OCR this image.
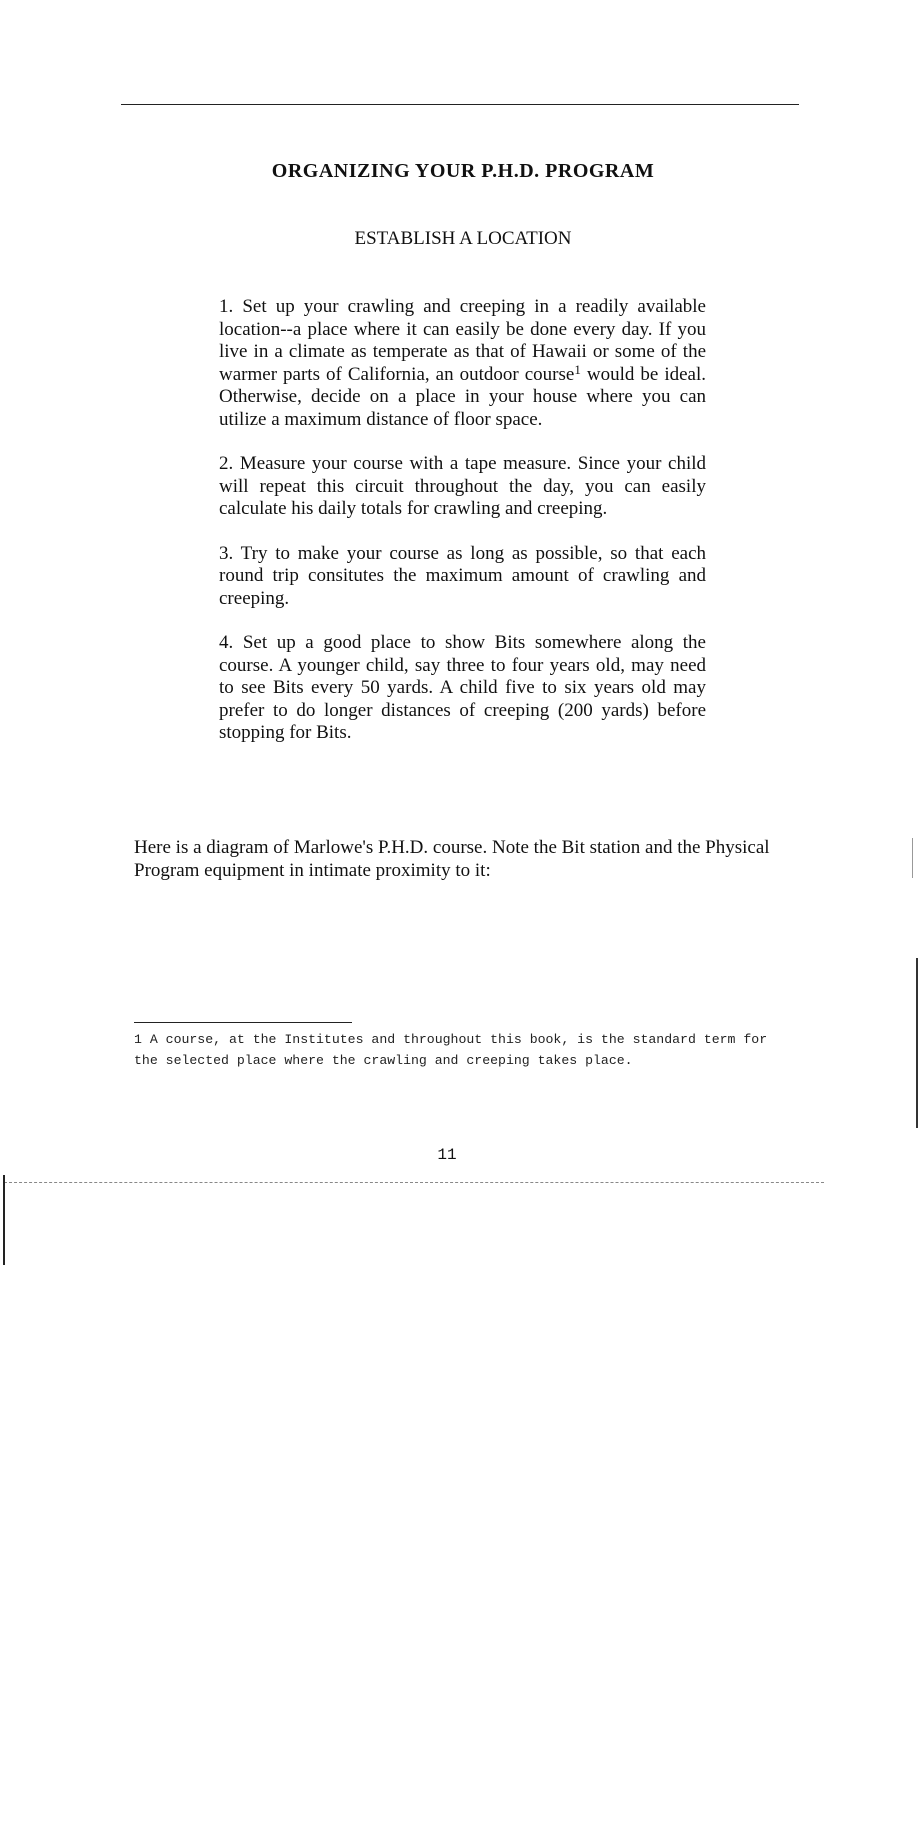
ORGANIZING YOUR P.H.D. PROGRAM
ESTABLISH A LOCATION

1. Set up your crawling and creeping in a readily available location--a place where it can easily be done every day. If you live in a climate as temperate as that of Hawaii or some of the warmer parts of California, an outdoor course$^1$ would be ideal. Otherwise, decide on a place in your house where you can utilize a maximum distance of floor space.

2. Measure your course with a tape measure. Since your child will repeat this circuit throughout the day, you can easily calculate his daily totals for crawling and creeping.

3. Try to make your course as long as possible, so that each round trip consitutes the maximum amount of crawling and creeping.

4. Set up a good place to show Bits somewhere along the course. A younger child, say three to four years old, may need to see Bits every 50 yards. A child five to six years old may prefer to do longer distances of creeping (200 yards) before stopping for Bits.

Here is a diagram of Marlowe's P.H.D. course. Note the Bit station and the Physical Program equipment in intimate proximity to it:
1 A course, at the Institutes and throughout this book, is the standard term for the selected place where the crawling and creeping takes place.
11
